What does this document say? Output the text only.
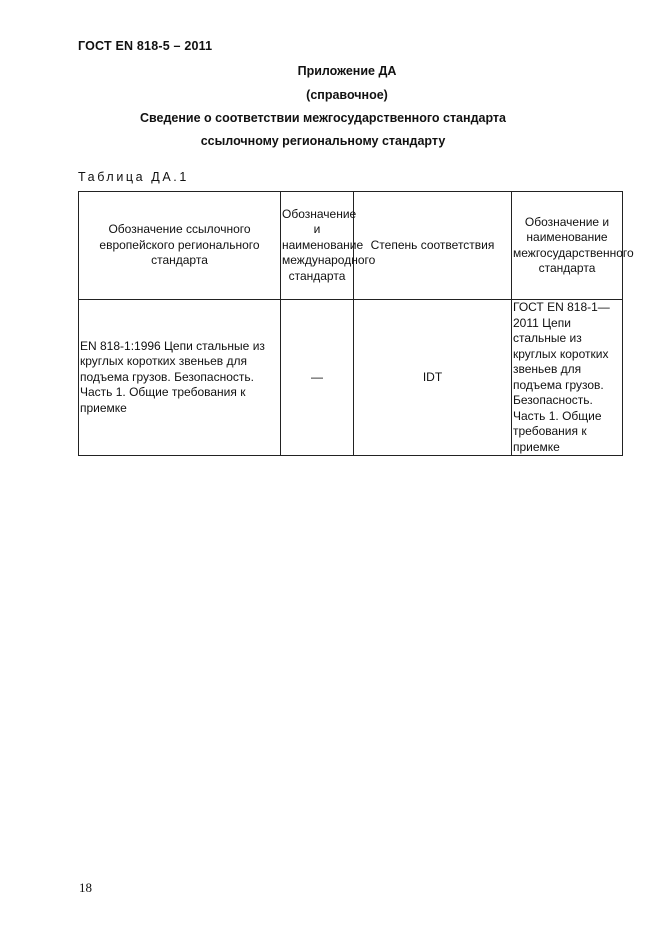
ГОСТ EN 818-5 – 2011
Приложение ДА
(справочное)
Сведение о соответствии межгосударственного стандарта
ссылочному региональному стандарту
Таблица ДА.1
Обозначение ссылочного европейского регионального стандарта	Обозначение и наименование международного стандарта	Степень соответствия	Обозначение и наименование межгосударственного стандарта
EN 818-1:1996 Цепи стальные из круглых коротких звеньев для подъема грузов. Безопасность. Часть 1. Общие требования к приемке	—	IDT	ГОСТ EN 818-1—2011 Цепи стальные из круглых коротких звеньев для подъема грузов. Безопасность. Часть 1. Общие требования к приемке
18
